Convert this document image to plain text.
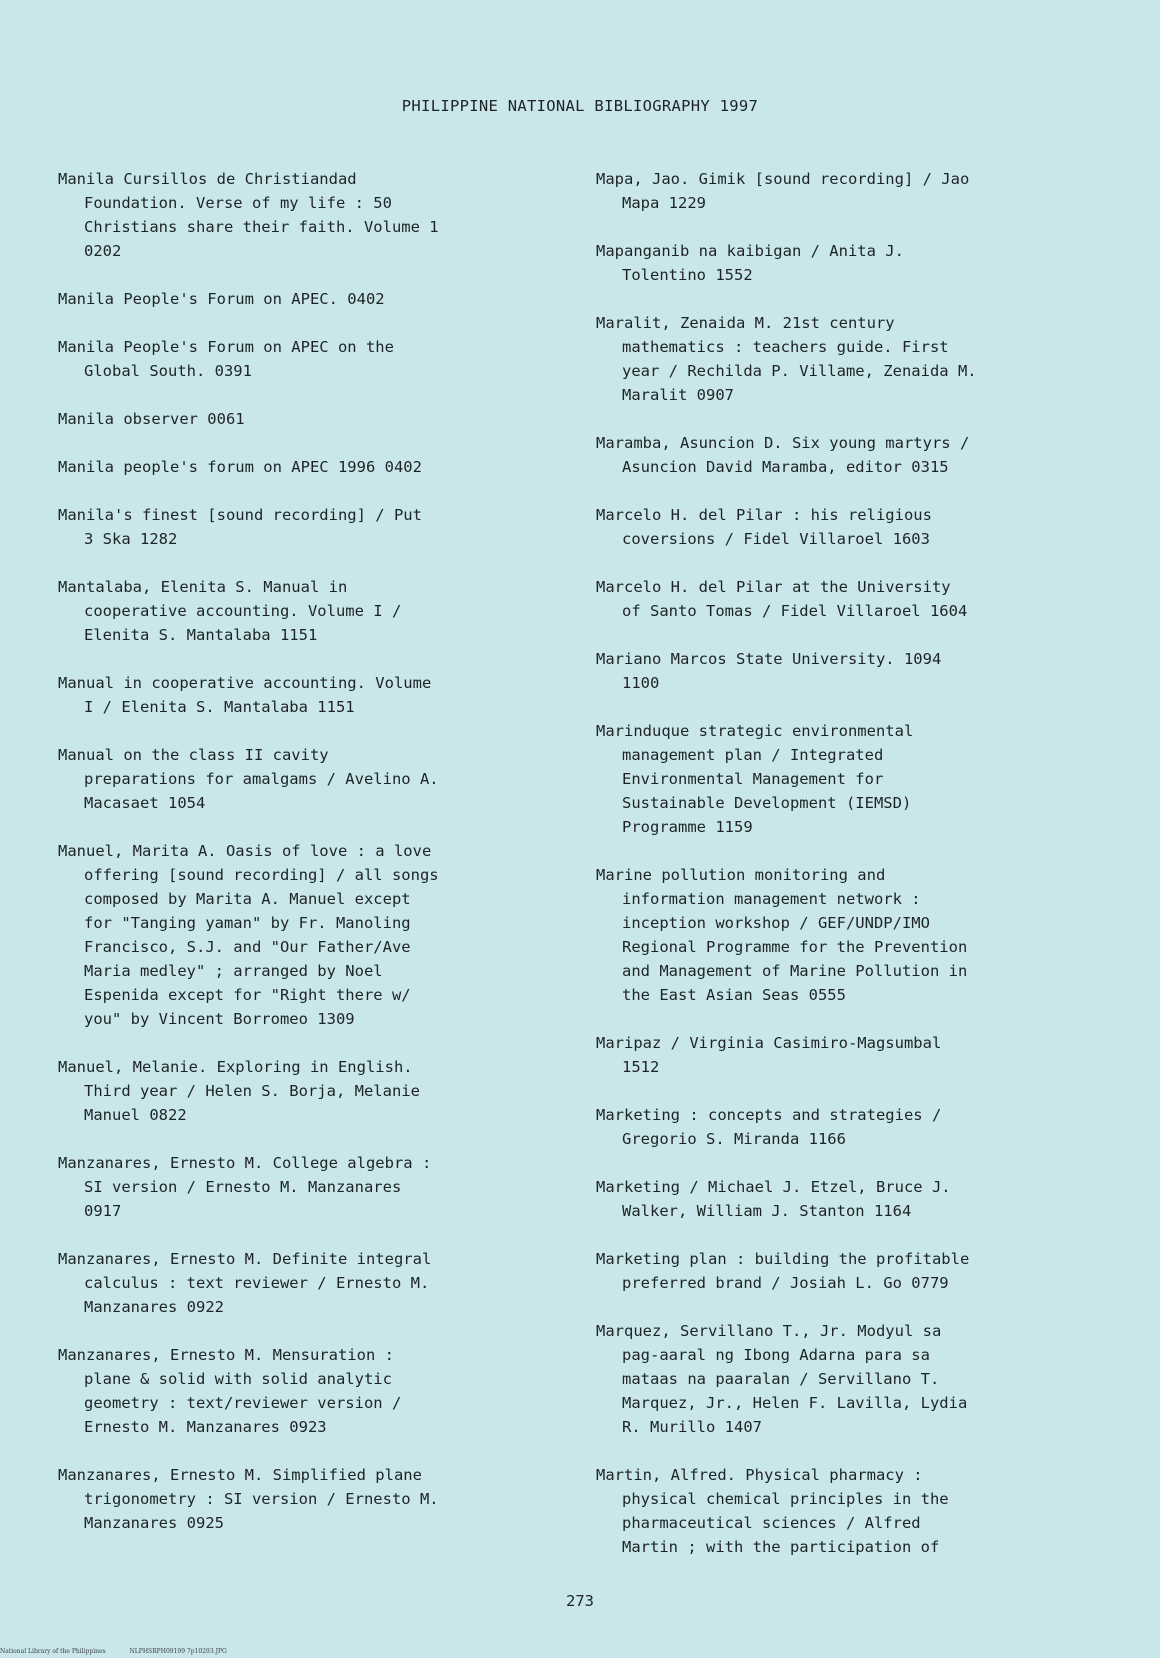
PHILIPPINE NATIONAL BIBLIOGRAPHY 1997

Manila Cursillos de Christiandad
Foundation. Verse of my life : 50
Christians share their faith. Volume 1
0202

Manila People's Forum on APEC. 0402

Manila People's Forum on APEC on the
Global South. 0391

Manila observer 0061

Manila people's forum on APEC 1996 0402

Manila's finest [sound recording] / Put
3 Ska 1282

Mantalaba, Elenita S. Manual in
cooperative accounting. Volume I /
Elenita S. Mantalaba 1151

Manual in cooperative accounting. Volume
I / Elenita S. Mantalaba 1151

Manual on the class II cavity
preparations for amalgams / Avelino A.
Macasaet 1054

Manuel, Marita A. Oasis of love : a love
offering [sound recording] / all songs
composed by Marita A. Manuel except
for "Tanging yaman" by Fr. Manoling
Francisco, S.J. and "Our Father/Ave
Maria medley" ; arranged by Noel
Espenida except for "Right there w/
you" by Vincent Borromeo 1309

Manuel, Melanie. Exploring in English.
Third year / Helen S. Borja, Melanie
Manuel 0822

Manzanares, Ernesto M. College algebra :
SI version / Ernesto M. Manzanares
0917

Manzanares, Ernesto M. Definite integral
calculus : text reviewer / Ernesto M.
Manzanares 0922

Manzanares, Ernesto M. Mensuration :
plane & solid with solid analytic
geometry : text/reviewer version /
Ernesto M. Manzanares 0923

Manzanares, Ernesto M. Simplified plane
trigonometry : SI version / Ernesto M.
Manzanares 0925

Mapa, Jao. Gimik [sound recording] / Jao
Mapa 1229

Mapanganib na kaibigan / Anita J.
Tolentino 1552

Maralit, Zenaida M. 21st century
mathematics : teachers guide. First
year / Rechilda P. Villame, Zenaida M.
Maralit 0907

Maramba, Asuncion D. Six young martyrs /
Asuncion David Maramba, editor 0315

Marcelo H. del Pilar : his religious
coversions / Fidel Villaroel 1603

Marcelo H. del Pilar at the University
of Santo Tomas / Fidel Villaroel 1604

Mariano Marcos State University. 1094
1100

Marinduque strategic environmental
management plan / Integrated
Environmental Management for
Sustainable Development (IEMSD)
Programme 1159

Marine pollution monitoring and
information management network :
inception workshop / GEF/UNDP/IMO
Regional Programme for the Prevention
and Management of Marine Pollution in
the East Asian Seas 0555

Maripaz / Virginia Casimiro-Magsumbal
1512

Marketing : concepts and strategies /
Gregorio S. Miranda 1166

Marketing / Michael J. Etzel, Bruce J.
Walker, William J. Stanton 1164

Marketing plan : building the profitable
preferred brand / Josiah L. Go 0779

Marquez, Servillano T., Jr. Modyul sa
pag-aaral ng Ibong Adarna para sa
mataas na paaralan / Servillano T.
Marquez, Jr., Helen F. Lavilla, Lydia
R. Murillo 1407

Martin, Alfred. Physical pharmacy :
physical chemical principles in the
pharmaceutical sciences / Alfred
Martin ; with the participation of

273
National Library of the Philippines	NLPHSRPH09199 7p10293.JPG
